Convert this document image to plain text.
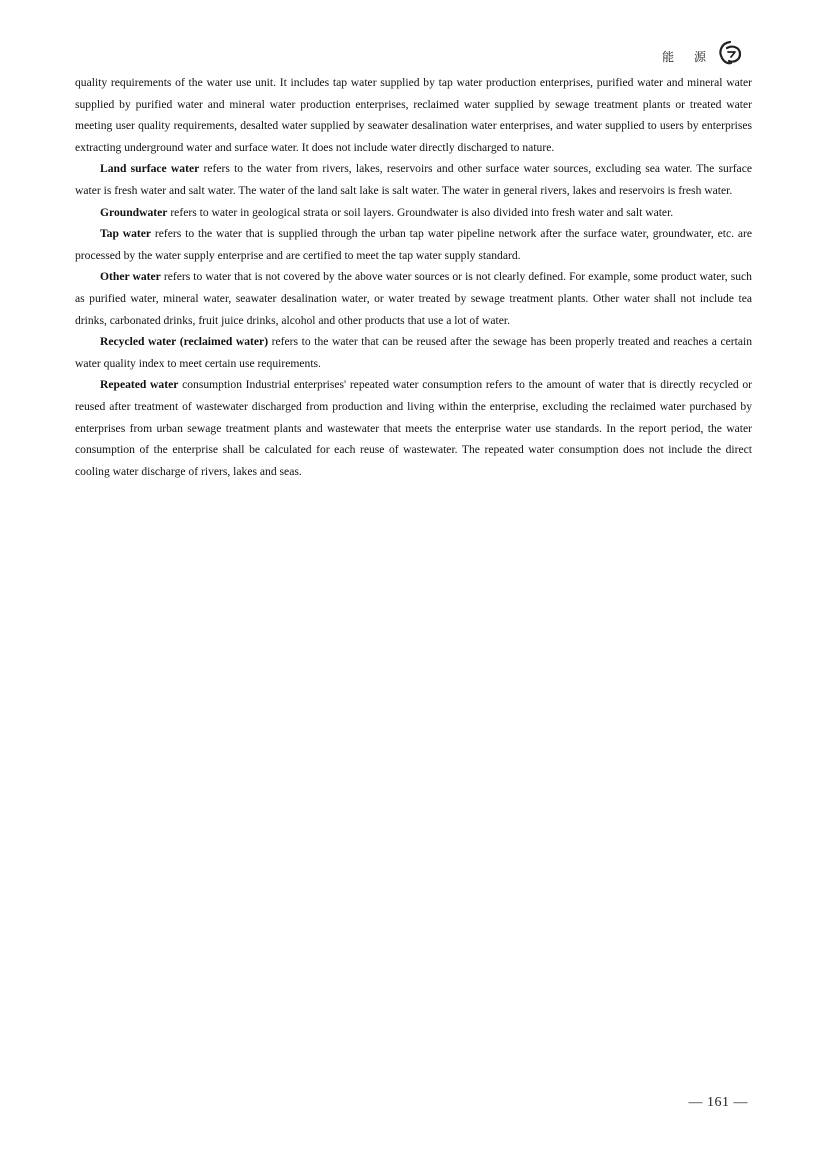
能 源

quality requirements of the water use unit. It includes tap water supplied by tap water production enterprises, purified water and mineral water supplied by purified water and mineral water production enterprises, reclaimed water supplied by sewage treatment plants or treated water meeting user quality requirements, desalted water supplied by seawater desalination water enterprises, and water supplied to users by enterprises extracting underground water and surface water. It does not include water directly discharged to nature.

Land surface water refers to the water from rivers, lakes, reservoirs and other surface water sources, excluding sea water. The surface water is fresh water and salt water. The water of the land salt lake is salt water. The water in general rivers, lakes and reservoirs is fresh water.

Groundwater refers to water in geological strata or soil layers. Groundwater is also divided into fresh water and salt water.

Tap water refers to the water that is supplied through the urban tap water pipeline network after the surface water, groundwater, etc. are processed by the water supply enterprise and are certified to meet the tap water supply standard.

Other water refers to water that is not covered by the above water sources or is not clearly defined. For example, some product water, such as purified water, mineral water, seawater desalination water, or water treated by sewage treatment plants. Other water shall not include tea drinks, carbonated drinks, fruit juice drinks, alcohol and other products that use a lot of water.

Recycled water (reclaimed water) refers to the water that can be reused after the sewage has been properly treated and reaches a certain water quality index to meet certain use requirements.

Repeated water consumption Industrial enterprises' repeated water consumption refers to the amount of water that is directly recycled or reused after treatment of wastewater discharged from production and living within the enterprise, excluding the reclaimed water purchased by enterprises from urban sewage treatment plants and wastewater that meets the enterprise water use standards. In the report period, the water consumption of the enterprise shall be calculated for each reuse of wastewater. The repeated water consumption does not include the direct cooling water discharge of rivers, lakes and seas.

— 161 —
